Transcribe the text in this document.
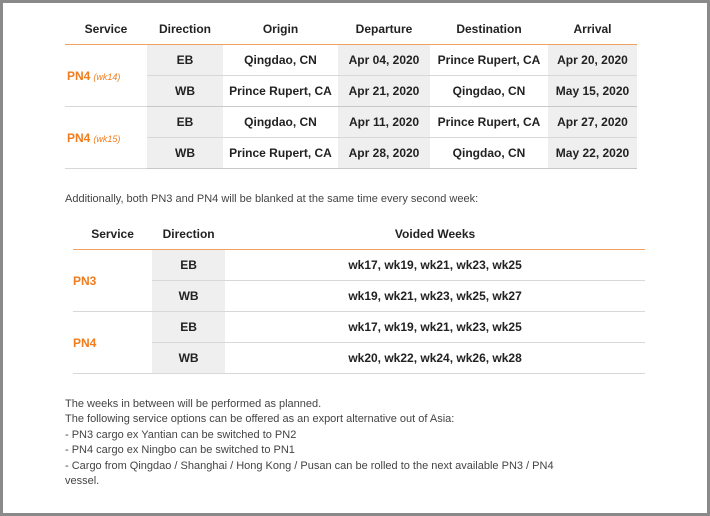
Service	Direction	Origin	Departure	Destination	Arrival
PN4 (wk14)	EB	Qingdao, CN	Apr 04, 2020	Prince Rupert, CA	Apr 20, 2020
	WB	Prince Rupert, CA	Apr 21, 2020	Qingdao, CN	May 15, 2020
PN4 (wk15)	EB	Qingdao, CN	Apr 11, 2020	Prince Rupert, CA	Apr 27, 2020
	WB	Prince Rupert, CA	Apr 28, 2020	Qingdao, CN	May 22, 2020
Additionally, both PN3 and PN4 will be blanked at the same time every second week:
Service	Direction	Voided Weeks
PN3	EB	wk17, wk19, wk21, wk23, wk25
	WB	wk19, wk21, wk23, wk25, wk27
PN4	EB	wk17, wk19, wk21, wk23, wk25
	WB	wk20, wk22, wk24, wk26, wk28
The weeks in between will be performed as planned.
The following service options can be offered as an export alternative out of Asia:
- PN3 cargo ex Yantian can be switched to PN2
- PN4 cargo ex Ningbo can be switched to PN1
- Cargo from Qingdao / Shanghai / Hong Kong / Pusan can be rolled to the next available PN3 / PN4
vessel.
